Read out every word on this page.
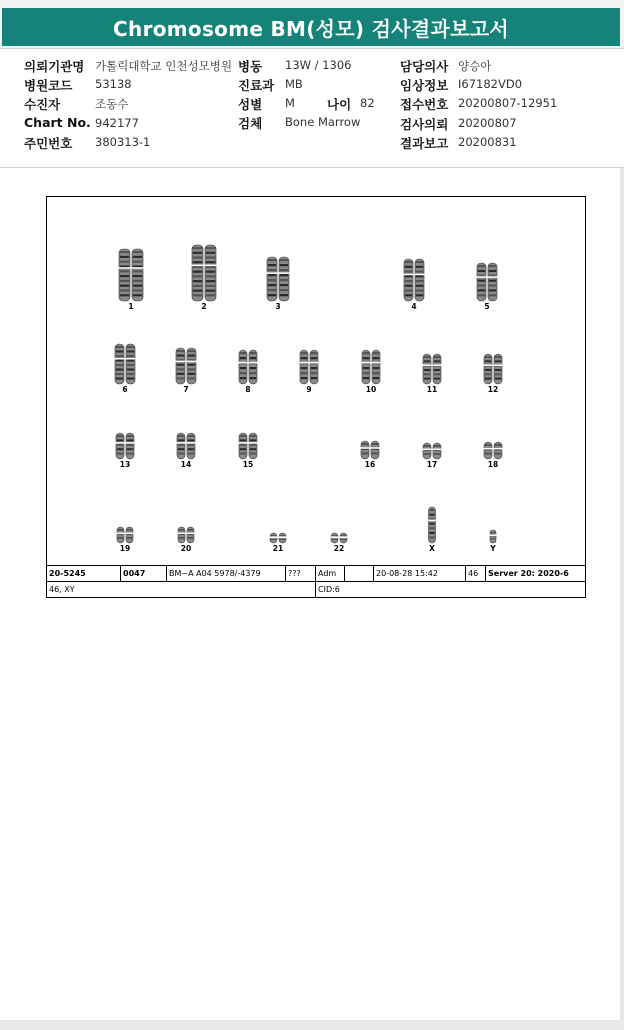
Chromosome BM(성모) 검사결과보고서
의뢰기관명 가톨릭대학교 인천성모병원 병동 13W / 1306	담당의사 양승아
병원코드 53138	진료과 MB	임상정보 I67182VD0
수진자	조동수	성별 M	나이 82 접수번호 20200807-12951
Chart No. 942177	검체 Bone Marrow	검사의뢰 20200807
주민번호 380313-1	결과보고 20200831
1	2	3	4	5
6	7	8	9	10	11	12
13	14	15	16	17	18
19	20	21	22	X	Y
20-5245	0047	BM~A A04 5978/-4379	???	Adm	20-08-28 15:42	46	Server 20: 2020-6
46, XY	CID:6
